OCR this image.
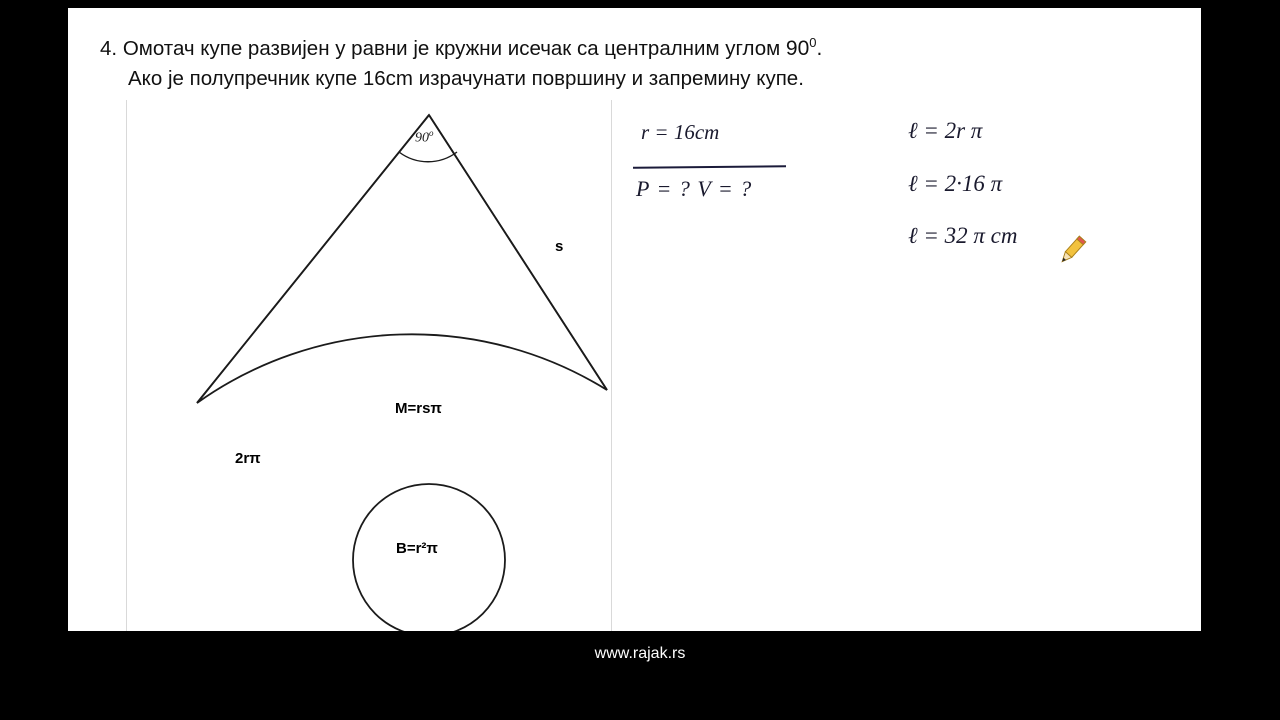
4. Омотач купе развијен у равни је кружни исечак са централним углом $90^0$.
Ако је полупречник купе 16cm израчунати површину и запремину купе.
s
M=rsπ
2rπ
B=r²π
90$^o$	r = 16cm
P = ? V = ?
ℓ = 2r π
ℓ = 2·16 π
ℓ = 32 π cm
www.rajak.rs
